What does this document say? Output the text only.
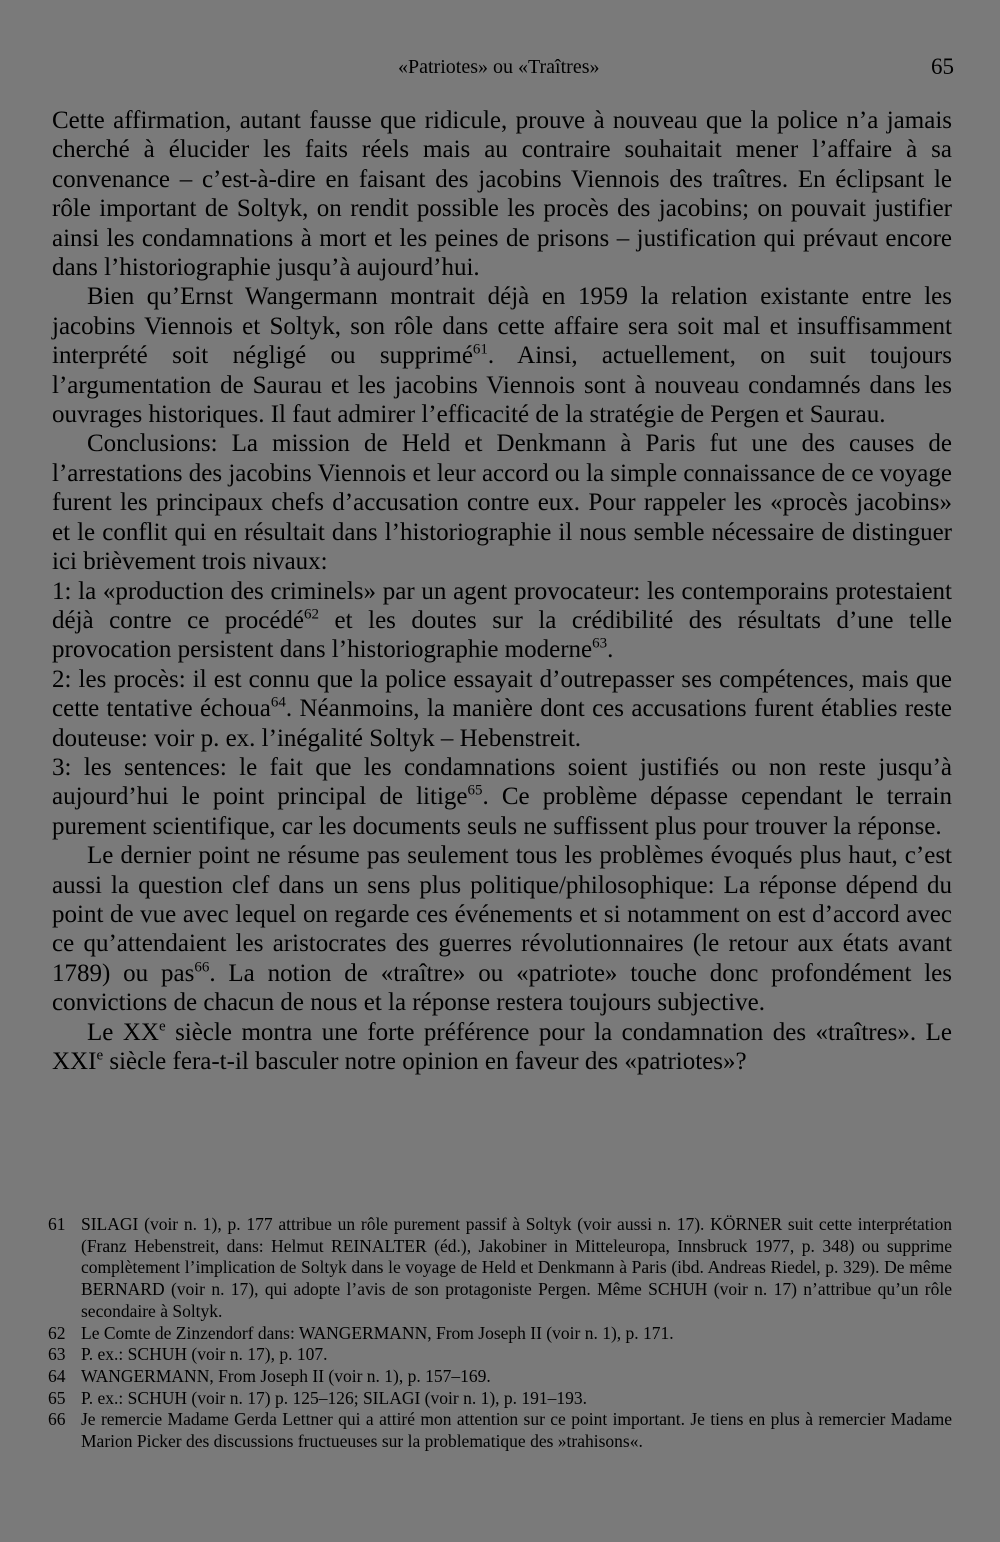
«Patriotes» ou «Traîtres»	65

Cette affirmation, autant fausse que ridicule, prouve à nouveau que la police n’a jamais cherché à élucider les faits réels mais au contraire souhaitait mener l’affaire à sa convenance – c’est-à-dire en faisant des jacobins Viennois des traîtres. En éclipsant le rôle important de Soltyk, on rendit possible les procès des jacobins; on pouvait justifier ainsi les condamnations à mort et les peines de prisons – justification qui prévaut encore dans l’historiographie jusqu’à aujourd’hui.

Bien qu’Ernst Wangermann montrait déjà en 1959 la relation existante entre les jacobins Viennois et Soltyk, son rôle dans cette affaire sera soit mal et insuffisamment interprété soit négligé ou supprimé$^{61}$. Ainsi, actuellement, on suit toujours l’argumentation de Saurau et les jacobins Viennois sont à nouveau condamnés dans les ouvrages historiques. Il faut admirer l’efficacité de la stratégie de Pergen et Saurau.

Conclusions: La mission de Held et Denkmann à Paris fut une des causes de l’arrestations des jacobins Viennois et leur accord ou la simple connaissance de ce voyage furent les principaux chefs d’accusation contre eux. Pour rappeler les «procès jacobins» et le conflit qui en résultait dans l’historiographie il nous semble nécessaire de distinguer ici brièvement trois nivaux:

1: la «production des criminels» par un agent provocateur: les contemporains protestaient déjà contre ce procédé$^{62}$ et les doutes sur la crédibilité des résultats d’une telle provocation persistent dans l’historiographie moderne$^{63}$.

2: les procès: il est connu que la police essayait d’outrepasser ses compétences, mais que cette tentative échoua$^{64}$. Néanmoins, la manière dont ces accusations furent établies reste douteuse: voir p. ex. l’inégalité Soltyk – Hebenstreit.

3: les sentences: le fait que les condamnations soient justifiés ou non reste jusqu’à aujourd’hui le point principal de litige$^{65}$. Ce problème dépasse cependant le terrain purement scientifique, car les documents seuls ne suffissent plus pour trouver la réponse.

Le dernier point ne résume pas seulement tous les problèmes évoqués plus haut, c’est aussi la question clef dans un sens plus politique/philosophique: La réponse dépend du point de vue avec lequel on regarde ces événements et si notamment on est d’accord avec ce qu’attendaient les aristocrates des guerres révolutionnaires (le retour aux états avant 1789) ou pas$^{66}$. La notion de «traître» ou «patriote» touche donc profondément les convictions de chacun de nous et la réponse restera toujours subjective.

Le XXe siècle montra une forte préférence pour la condamnation des «traîtres». Le XXIe siècle fera-t-il basculer notre opinion en faveur des «patriotes»?

61 SILAGI (voir n. 1), p. 177 attribue un rôle purement passif à Soltyk (voir aussi n. 17). KÖRNER suit cette interprétation (Franz Hebenstreit, dans: Helmut REINALTER (éd.), Jakobiner in Mitteleuropa, Innsbruck 1977, p. 348) ou supprime complètement l’implication de Soltyk dans le voyage de Held et Denkmann à Paris (ibd. Andreas Riedel, p. 329). De même BERNARD (voir n. 17), qui adopte l’avis de son protagoniste Pergen. Même SCHUH (voir n. 17) n’attribue qu’un rôle secondaire à Soltyk.
62 Le Comte de Zinzendorf dans: WANGERMANN, From Joseph II (voir n. 1), p. 171.
63 P. ex.: SCHUH (voir n. 17), p. 107.
64 WANGERMANN, From Joseph II (voir n. 1), p. 157–169.
65 P. ex.: SCHUH (voir n. 17) p. 125–126; SILAGI (voir n. 1), p. 191–193.
66 Je remercie Madame Gerda Lettner qui a attiré mon attention sur ce point important. Je tiens en plus à remercier Madame Marion Picker des discussions fructueuses sur la problematique des »trahisons«.
